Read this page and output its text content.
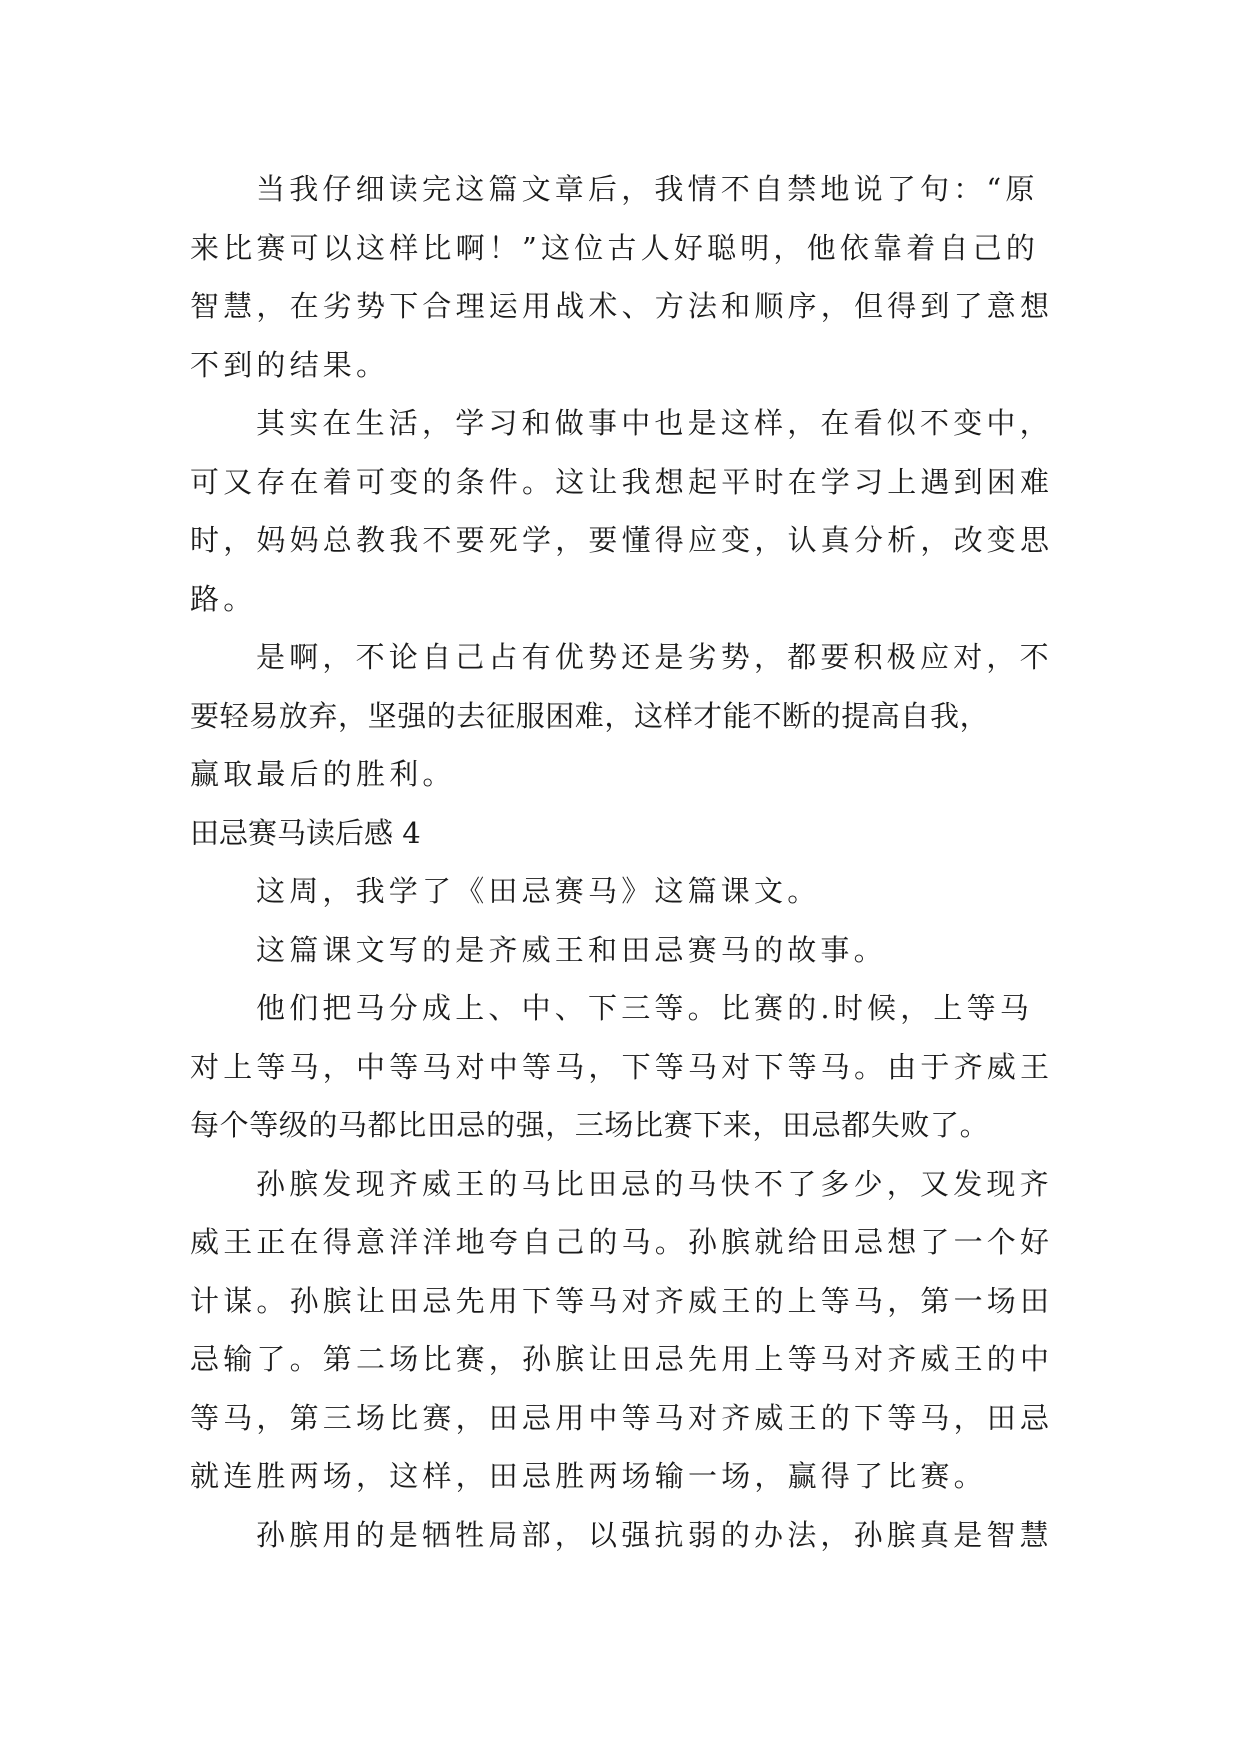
当我仔细读完这篇文章后，我情不自禁地说了句：“原
来比赛可以这样比啊！”这位古人好聪明，他依靠着自己的
智慧，在劣势下合理运用战术、方法和顺序，但得到了意想
不到的结果。
其实在生活，学习和做事中也是这样，在看似不变中，
可又存在着可变的条件。这让我想起平时在学习上遇到困难
时，妈妈总教我不要死学，要懂得应变，认真分析，改变思
路。
是啊，不论自己占有优势还是劣势，都要积极应对，不
要轻易放弃，坚强的去征服困难，这样才能不断的提高自我，
赢取最后的胜利。
田忌赛马读后感 4
这周，我学了《田忌赛马》这篇课文。
这篇课文写的是齐威王和田忌赛马的故事。
他们把马分成上、中、下三等。比赛的.时候，上等马
对上等马，中等马对中等马，下等马对下等马。由于齐威王
每个等级的马都比田忌的强，三场比赛下来，田忌都失败了。
孙膑发现齐威王的马比田忌的马快不了多少，又发现齐
威王正在得意洋洋地夸自己的马。孙膑就给田忌想了一个好
计谋。孙膑让田忌先用下等马对齐威王的上等马，第一场田
忌输了。第二场比赛，孙膑让田忌先用上等马对齐威王的中
等马，第三场比赛，田忌用中等马对齐威王的下等马，田忌
就连胜两场，这样，田忌胜两场输一场，赢得了比赛。
孙膑用的是牺牲局部，以强抗弱的办法，孙膑真是智慧
